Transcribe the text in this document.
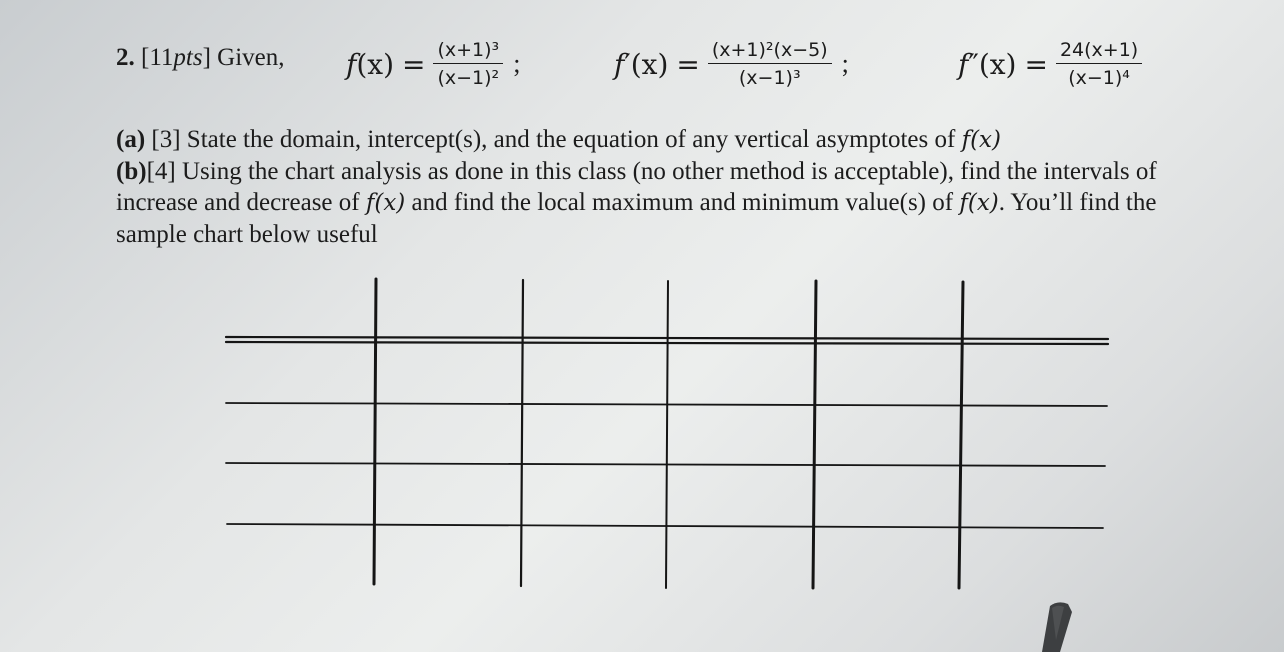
2. [11pts] Given, $f(x) = \frac{\text{(x+1)³}}{\text{(x−1)²}}$ ;	$f'(x) = \frac{\text{(x+1)²(x−5)}}{\text{(x−1)³}}$ ;	$f''(x) = \frac{24(x+1)}{\text{(x−1)⁴}}$

(a) [3] State the domain, intercept(s), and the equation of any vertical asymptotes of f(x)

(b)[4] Using the chart analysis as done in this class (no other method is acceptable), find the intervals of increase and decrease of f(x) and find the local maximum and minimum value(s) of f(x). You’ll find the sample chart below useful
